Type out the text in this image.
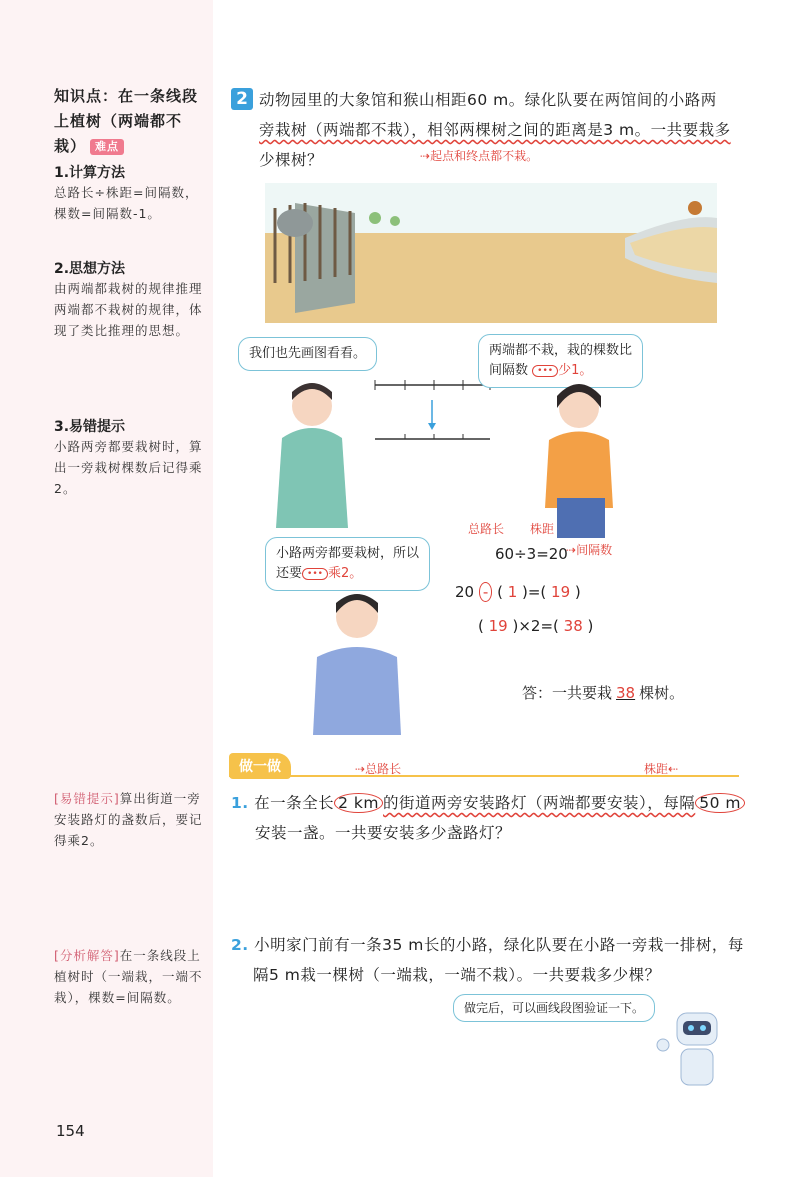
知识点：在一条线段上植树（两端都不栽） 难点
1.计算方法
总路长÷株距=间隔数，棵数=间隔数-1。
2.思想方法
由两端都栽树的规律推理两端都不栽树的规律，体现了类比推理的思想。
3.易错提示
小路两旁都要栽树时，算出一旁栽树棵数后记得乘2。
[易错提示]算出街道一旁安装路灯的盏数后，要记得乘2。
[分析解答]在一条线段上植树时（一端栽，一端不栽），棵数=间隔数。
2 动物园里的大象馆和猴山相距60 m。绿化队要在两馆间的小路两
旁栽树（两端都不栽），相邻两棵树之间的距离是3 m。一共要栽多
少棵树？	⇢起点和终点都不栽。
我们也先画图看看。	两端都不栽，栽的棵数比
间隔数 ••• 少1。
总路长 株距
60÷3=20
⇢间隔数
20 - ( 1 )=( 19 )
( 19 )×2=( 38 )
答：一共要栽 38 棵树。
小路两旁都要栽树，所以
还要 ••• 乘2。
做一做	⇢总路长	株距⇠
1. 在一条全长 2 km 的街道两旁安装路灯（两端都要安装），每隔 50 m
安装一盏。一共要安装多少盏路灯？
2. 小明家门前有一条35 m长的小路，绿化队要在小路一旁栽一排树，每
隔5 m栽一棵树（一端栽，一端不栽）。一共要栽多少棵？
做完后，可以画线段图验证一下。
154
